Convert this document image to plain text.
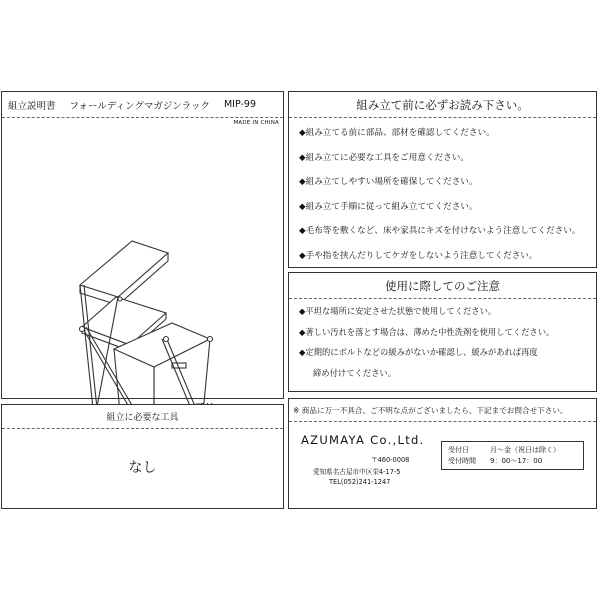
組立説明書 フォールディングマガジンラック MIP-99
MADE IN CHINA
組み立て前に必ずお読み下さい。
◆組み立てる前に部品、部材を確認してください。
◆組み立てに必要な工具をご用意ください。
◆組み立てしやすい場所を確保してください。
◆組み立て手順に従って組み立ててください。
◆毛布等を敷くなど、床や家具にキズを付けないよう注意してください。
◆手や指を挟んだりしてケガをしないよう注意してください。
使用に際してのご注意
◆平坦な場所に安定させた状態で使用してください。
◆著しい汚れを落とす場合は、薄めた中性洗剤を使用してください。
◆定期的にボルトなどの緩みがないか確認し、緩みがあれば再度
締め付けてください。
組立に必要な工具
なし
※ 商品に万一不具合、ご不明な点がございましたら、下記までお問合せ下さい。
AZUMAYA Co.,Ltd.
〒460-0008
愛知県名古屋市中区栄4-17-5
TEL(052)241-1247
受付日	月～金（祝日は除く）
受付時間	9：00～17：00
